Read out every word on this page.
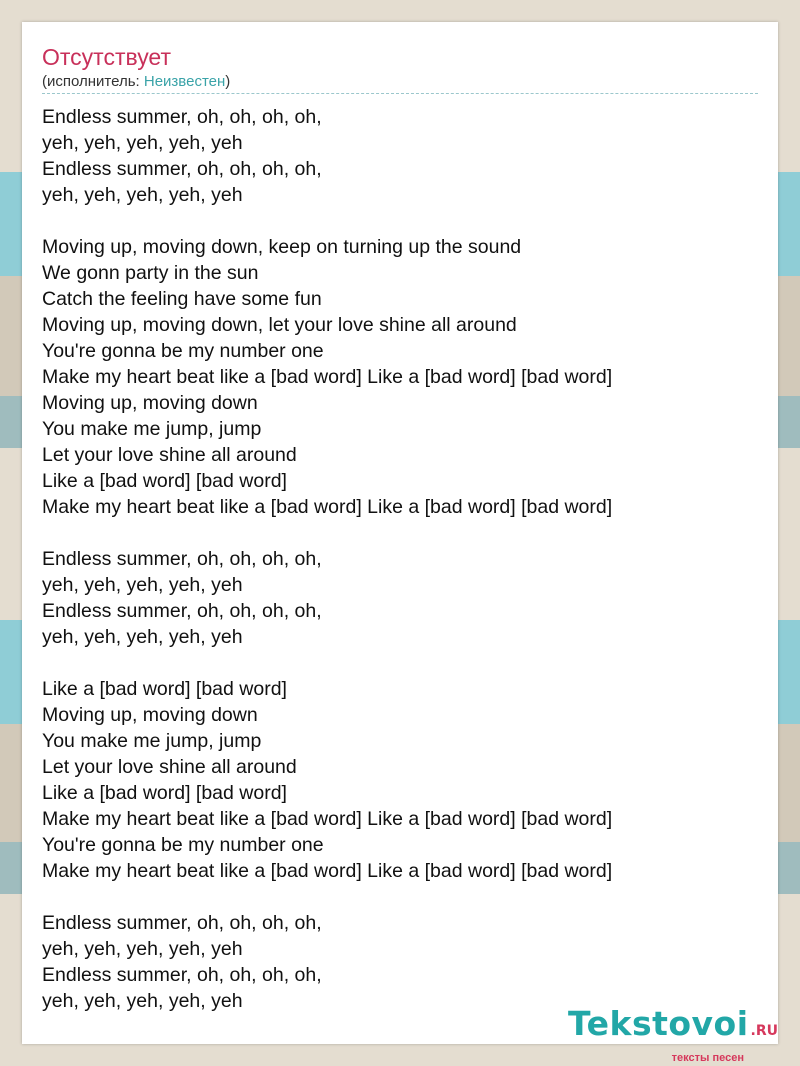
Отсутствует
(исполнитель: Неизвестен)
Endless summer, oh, oh, oh, oh,
yeh, yeh, yeh, yeh, yeh
Endless summer, oh, oh, oh, oh,
yeh, yeh, yeh, yeh, yeh
Moving up, moving down, keep on turning up the sound
We gonn party in the sun
Catch the feeling have some fun
Moving up, moving down, let your love shine all around
You're gonna be my number one
Make my heart beat like a [bad word] Like a [bad word] [bad word]
Moving up, moving down
You make me jump, jump
Let your love shine all around
Like a [bad word] [bad word]
Make my heart beat like a [bad word] Like a [bad word] [bad word]
Endless summer, oh, oh, oh, oh,
yeh, yeh, yeh, yeh, yeh
Endless summer, oh, oh, oh, oh,
yeh, yeh, yeh, yeh, yeh
Like a [bad word] [bad word]
Moving up, moving down
You make me jump, jump
Let your love shine all around
Like a [bad word] [bad word]
Make my heart beat like a [bad word] Like a [bad word] [bad word]
You're gonna be my number one
Make my heart beat like a [bad word] Like a [bad word] [bad word]
Endless summer, oh, oh, oh, oh,
yeh, yeh, yeh, yeh, yeh
Endless summer, oh, oh, oh, oh,
yeh, yeh, yeh, yeh, yeh
Tekstovoi .RU
тексты песен
